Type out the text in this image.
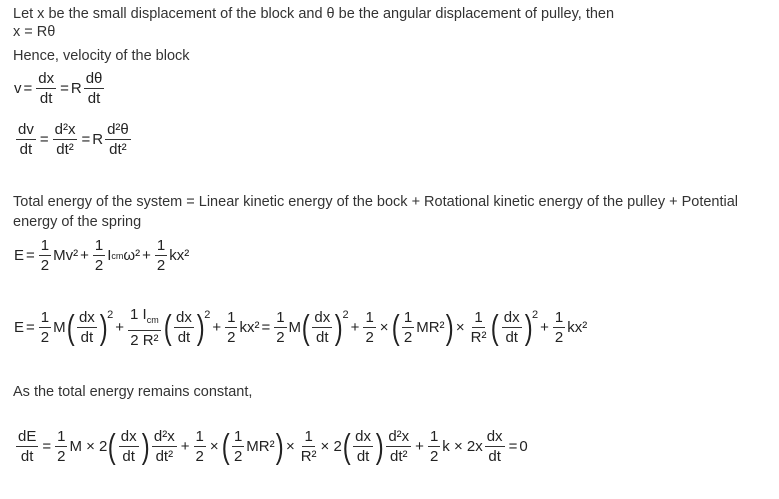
Let x be the small displacement of the block and θ be the angular displacement of pulley, then
x = Rθ
Hence, velocity of the block
$v = \frac{dx}{dt} = R \frac{d\theta}{dt}$
$\frac{dv}{dt} = \frac{\text{d²x}}{\text{dt²}} = R \frac{\text{d²θ}}{\text{dt²}}$
Total energy of the system = Linear kinetic energy of the bock + Rotational kinetic energy of the pulley + Potential energy of the spring
$E = \frac{1}{2} Mv^2 + \frac{1}{2}$ I cm $\omega^2 + \frac{1}{2} kx^2$
$E = \frac{1}{2}$ M ( $\frac{dx}{dt}$ ) 2
+ $\frac{1 I_{cm}}{\text{2 R²}}$ ( $\frac{dx}{dt}$ ) 2
+ $\frac{1}{2} kx^2 = \frac{1}{2}$ M ( $\frac{dx}{dt}$ ) 2
+ $\frac{1}{2}$ × ( $\frac{1}{2} MR^2$ ) × $\frac{1}{\text{R²}}$ ( $\frac{dx}{dt}$ ) 2
+ $\frac{1}{2} kx^2$
As the total energy remains constant,
$\frac{dE}{dt} = \frac{1}{2}$ M × 2 ( $\frac{dx}{dt}$ ) $\frac{\text{d²x}}{\text{dt²}} + \frac{1}{2}$ × ( $\frac{1}{2} MR^2$ ) × $\frac{1}{\text{R²}} \times 2$ ( $\frac{dx}{dt}$ ) $\frac{\text{d²x}}{\text{dt²}} + \frac{1}{2}$ $k \times 2x \frac{dx}{dt} = 0$
